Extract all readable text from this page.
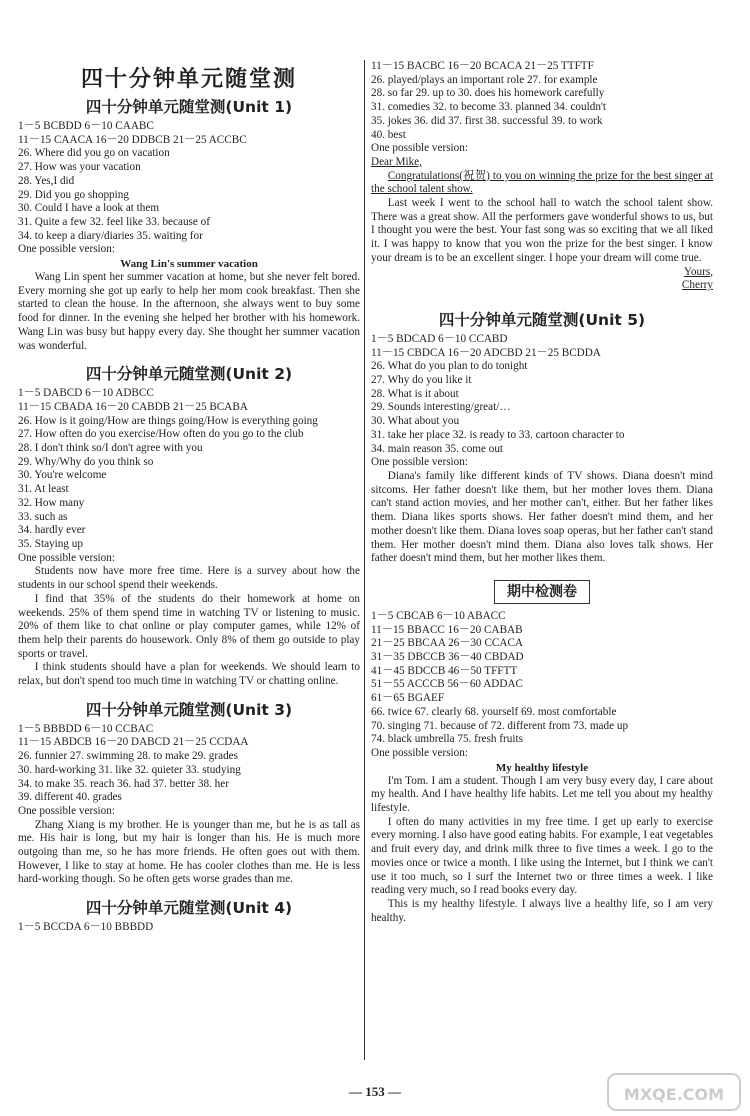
四十分钟单元随堂测
四十分钟单元随堂测(Unit 1)
1－5 BCBDD 6－10 CAABC
11－15 CAACA 16－20 DDBCB 21－25 ACCBC
26. Where did you go on vacation
27. How was your vacation
28. Yes,I did
29. Did you go shopping
30. Could I have a look at them
31. Quite a few 32. feel like 33. because of
34. to keep a diary/diaries 35. waiting for
One possible version:
Wang Lin's summer vacation

Wang Lin spent her summer vacation at home, but she never felt bored. Every morning she got up early to help her mom cook breakfast. Then she started to clean the house. In the afternoon, she always went to buy some food for dinner. In the evening she helped her brother with his homework. Wang Lin was busy but happy every day. She thought her summer vacation was wonderful.

四十分钟单元随堂测(Unit 2)
1－5 DABCD 6－10 ADBCC
11－15 CBADA 16－20 CABDB 21－25 BCABA
26. How is it going/How are things going/How is everything going
27. How often do you exercise/How often do you go to the club
28. I don't think so/I don't agree with you
29. Why/Why do you think so
30. You're welcome
31. At least
32. How many
33. such as
34. hardly ever
35. Staying up
One possible version:

Students now have more free time. Here is a survey about how the students in our school spend their weekends.

I find that 35% of the students do their homework at home on weekends. 25% of them spend time in watching TV or listening to music. 20% of them like to chat online or play computer games, while 12% of them help their parents do housework. Only 8% of them go outside to play sports or travel.

I think students should have a plan for weekends. We should learn to relax, but don't spend too much time in watching TV or chatting online.

四十分钟单元随堂测(Unit 3)
1－5 BBBDD 6－10 CCBAC
11－15 ABDCB 16－20 DABCD 21－25 CCDAA
26. funnier 27. swimming 28. to make 29. grades
30. hard-working 31. like 32. quieter 33. studying
34. to make 35. reach 36. had 37. better 38. her
39. different 40. grades
One possible version:

Zhang Xiang is my brother. He is younger than me, but he is as tall as me. His hair is long, but my hair is longer than his. He is much more outgoing than me, so he has more friends. He often goes out with them. However, I like to stay at home. He has cooler clothes than me. He is less hard-working though. So he often gets worse grades than me.

四十分钟单元随堂测(Unit 4)
1－5 BCCDA 6－10 BBBDD
11－15 BACBC 16－20 BCACA 21－25 TTFTF
26. played/plays an important role 27. for example
28. so far 29. up to 30. does his homework carefully
31. comedies 32. to become 33. planned 34. couldn't
35. jokes 36. did 37. first 38. successful 39. to work
40. best
One possible version:
Dear Mike,

Congratulations(祝贺) to you on winning the prize for the best singer at the school talent show.

Last week I went to the school hall to watch the school talent show. There was a great show. All the performers gave wonderful shows to us, but I thought you were the best. Your fast song was so exciting that we all liked it. I was happy to know that you won the prize for the best singer. I know your dream is to be an excellent singer. I hope your dream will come true.

Yours,
Cherry
四十分钟单元随堂测(Unit 5)
1－5 BDCAD 6－10 CCABD
11－15 CBDCA 16－20 ADCBD 21－25 BCDDA
26. What do you plan to do tonight
27. Why do you like it
28. What is it about
29. Sounds interesting/great/…
30. What about you
31. take her place 32. is ready to 33. cartoon character to
34. main reason 35. come out
One possible version:

Diana's family like different kinds of TV shows. Diana doesn't mind sitcoms. Her father doesn't like them, but her mother loves them. Diana can't stand action movies, and her mother can't, either. But her father likes them. Diana likes sports shows. Her father doesn't mind them, and her mother doesn't like them. Diana loves soap operas, but her father can't stand them. Her mother doesn't mind them. Diana also loves talk shows. Her father doesn't mind them, but her mother likes them.

期中检测卷
1－5 CBCAB 6－10 ABACC
11－15 BBACC 16－20 CABAB
21－25 BBCAA 26－30 CCACA
31－35 DBCCB 36－40 CBDAD
41－45 BDCCB 46－50 TFFTT
51－55 ACCCB 56－60 ADDAC
61－65 BGAEF
66. twice 67. clearly 68. yourself 69. most comfortable
70. singing 71. because of 72. different from 73. made up
74. black umbrella 75. fresh fruits
One possible version:
My healthy lifestyle

I'm Tom. I am a student. Though I am very busy every day, I care about my health. And I have healthy life habits. Let me tell you about my healthy lifestyle.

I often do many activities in my free time. I get up early to exercise every morning. I also have good eating habits. For example, I eat vegetables and fruit every day, and drink milk three to five times a week. I go to the movies once or twice a month. I like using the Internet, but I think we can't use it too much, so I surf the Internet two or three times a week. I like reading very much, so I read books every day.

This is my healthy lifestyle. I always live a healthy life, so I am very healthy.

— 153 —	MXQE.COM
